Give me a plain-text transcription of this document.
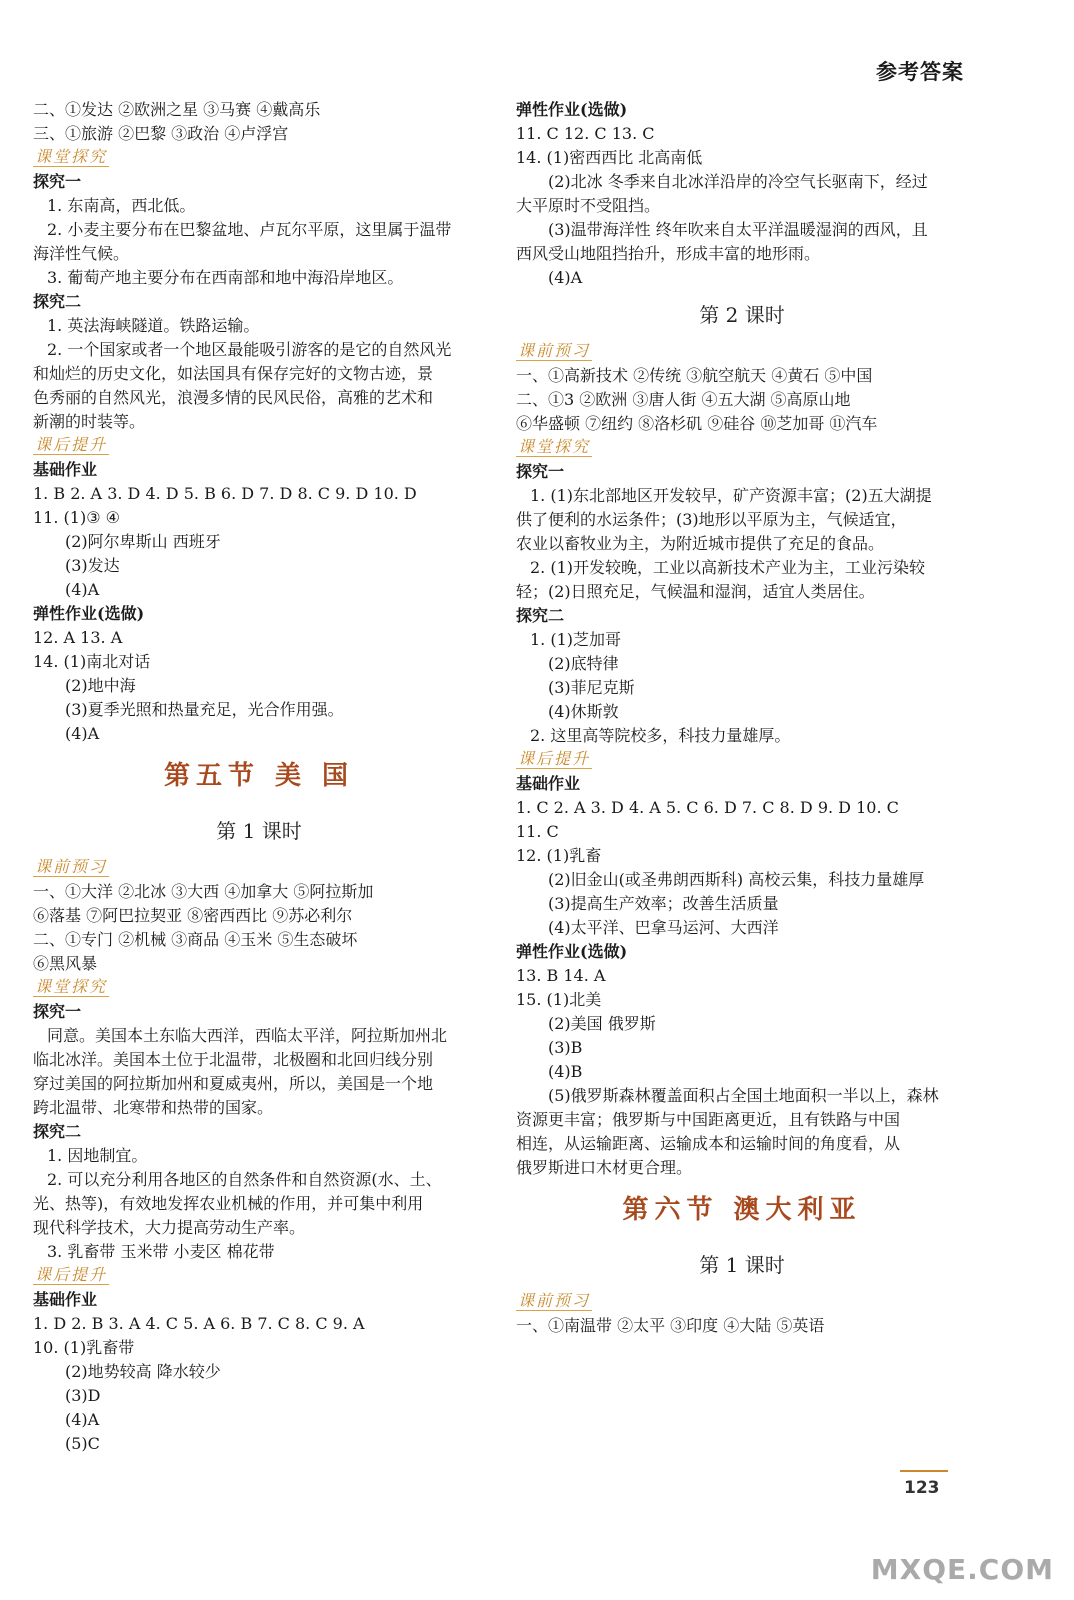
参考答案
二、①发达 ②欧洲之星 ③马赛 ④戴高乐
三、①旅游 ②巴黎 ③政治 ④卢浮宫
课堂探究
探究一
1. 东南高，西北低。
2. 小麦主要分布在巴黎盆地、卢瓦尔平原，这里属于温带
海洋性气候。
3. 葡萄产地主要分布在西南部和地中海沿岸地区。
探究二
1. 英法海峡隧道。铁路运输。
2. 一个国家或者一个地区最能吸引游客的是它的自然风光
和灿烂的历史文化，如法国具有保存完好的文物古迹，景
色秀丽的自然风光，浪漫多情的民风民俗，高雅的艺术和
新潮的时装等。
课后提升
基础作业
1. B 2. A 3. D 4. D 5. B 6. D 7. D 8. C 9. D 10. D
11. (1)③ ④
(2)阿尔卑斯山 西班牙
(3)发达
(4)A
弹性作业(选做)
12. A 13. A
14. (1)南北对话
(2)地中海
(3)夏季光照和热量充足，光合作用强。
(4)A
第五节 美 国
第 1 课时
课前预习
一、①大洋 ②北冰 ③大西 ④加拿大 ⑤阿拉斯加
⑥落基 ⑦阿巴拉契亚 ⑧密西西比 ⑨苏必利尔
二、①专门 ②机械 ③商品 ④玉米 ⑤生态破坏
⑥黑风暴
课堂探究
探究一
同意。美国本土东临大西洋，西临太平洋，阿拉斯加州北
临北冰洋。美国本土位于北温带，北极圈和北回归线分别
穿过美国的阿拉斯加州和夏威夷州，所以，美国是一个地
跨北温带、北寒带和热带的国家。
探究二
1. 因地制宜。
2. 可以充分利用各地区的自然条件和自然资源(水、土、
光、热等)，有效地发挥农业机械的作用，并可集中利用
现代科学技术，大力提高劳动生产率。
3. 乳畜带 玉米带 小麦区 棉花带
课后提升
基础作业
1. D 2. B 3. A 4. C 5. A 6. B 7. C 8. C 9. A
10. (1)乳畜带
(2)地势较高 降水较少
(3)D
(4)A
(5)C
弹性作业(选做)
11. C 12. C 13. C
14. (1)密西西比 北高南低
(2)北冰 冬季来自北冰洋沿岸的冷空气长驱南下，经过
大平原时不受阻挡。
(3)温带海洋性 终年吹来自太平洋温暖湿润的西风，且
西风受山地阻挡抬升，形成丰富的地形雨。
(4)A
第 2 课时
课前预习
一、①高新技术 ②传统 ③航空航天 ④黄石 ⑤中国
二、①3 ②欧洲 ③唐人街 ④五大湖 ⑤高原山地
⑥华盛顿 ⑦纽约 ⑧洛杉矶 ⑨硅谷 ⑩芝加哥 ⑪汽车
课堂探究
探究一
1. (1)东北部地区开发较早，矿产资源丰富；(2)五大湖提
供了便利的水运条件；(3)地形以平原为主，气候适宜，
农业以畜牧业为主，为附近城市提供了充足的食品。
2. (1)开发较晚，工业以高新技术产业为主，工业污染较
轻；(2)日照充足，气候温和湿润，适宜人类居住。
探究二
1. (1)芝加哥
(2)底特律
(3)菲尼克斯
(4)休斯敦
2. 这里高等院校多，科技力量雄厚。
课后提升
基础作业
1. C 2. A 3. D 4. A 5. C 6. D 7. C 8. D 9. D 10. C
11. C
12. (1)乳畜
(2)旧金山(或圣弗朗西斯科) 高校云集，科技力量雄厚
(3)提高生产效率；改善生活质量
(4)太平洋、巴拿马运河、大西洋
弹性作业(选做)
13. B 14. A
15. (1)北美
(2)美国 俄罗斯
(3)B
(4)B
(5)俄罗斯森林覆盖面积占全国土地面积一半以上，森林
资源更丰富；俄罗斯与中国距离更近，且有铁路与中国
相连，从运输距离、运输成本和运输时间的角度看，从
俄罗斯进口木材更合理。
第六节 澳大利亚
第 1 课时
课前预习
一、①南温带 ②太平 ③印度 ④大陆 ⑤英语
123
MXQE.COM
